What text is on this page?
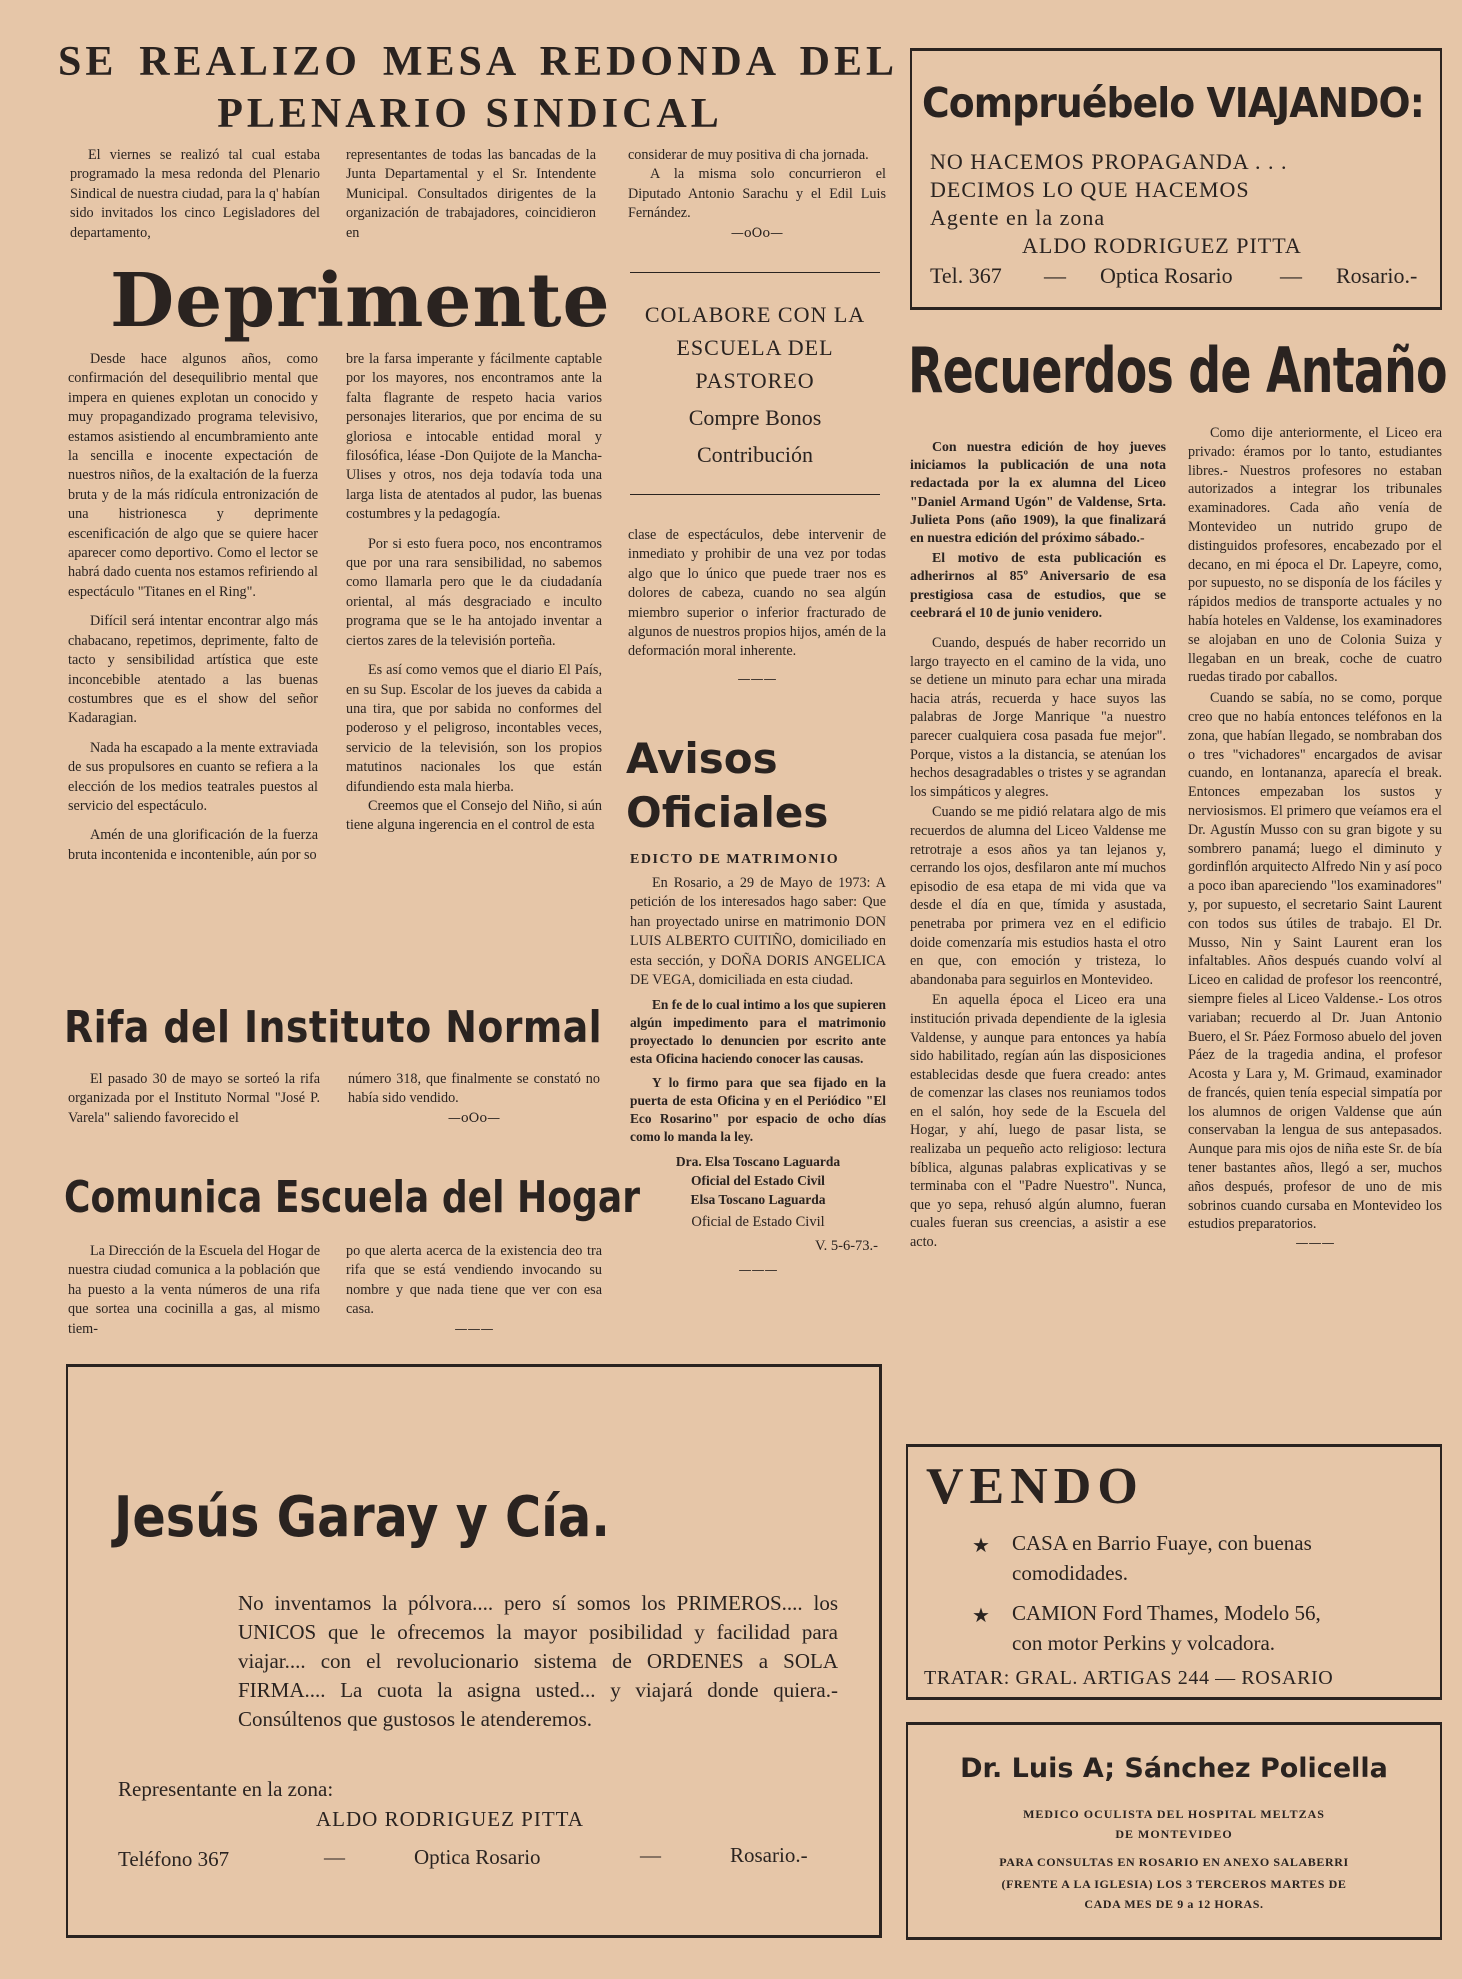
SE REALIZO MESA REDONDA DEL
PLENARIO SINDICAL

El viernes se realizó tal cual estaba programado la mesa redonda del Plenario Sindical de nuestra ciudad, para la q' habían sido invitados los cinco Legisladores del departamento,

representantes de todas las bancadas de la Junta Departamental y el Sr. Intendente Municipal. Consultados dirigentes de la organización de trabajadores, coincidieron en

considerar de muy positiva di cha jornada.

A la misma solo concurrieron el Diputado Antonio Sarachu y el Edil Luis Fernández.

—oOo—
Compruébelo VIAJANDO:
NO HACEMOS PROPAGANDA . . .
DECIMOS LO QUE HACEMOS
Agente en la zona
ALDO RODRIGUEZ PITTA
Tel. 367 — Optica Rosario — Rosario.-
Deprimente

Desde hace algunos años, como confirmación del desequilibrio mental que impera en quienes explotan un conocido y muy propagandizado programa televisivo, estamos asistiendo al encumbramiento ante la sencilla e inocente expectación de nuestros niños, de la exaltación de la fuerza bruta y de la más ridícula entronización de una histrionesca y deprimente escenificación de algo que se quiere hacer aparecer como deportivo. Como el lector se habrá dado cuenta nos estamos refiriendo al espectáculo "Titanes en el Ring".

Difícil será intentar encontrar algo más chabacano, repetimos, deprimente, falto de tacto y sensibilidad artística que este inconcebible atentado a las buenas costumbres que es el show del señor Kadaragian.

Nada ha escapado a la mente extraviada de sus propulsores en cuanto se refiera a la elección de los medios teatrales puestos al servicio del espectáculo.

Amén de una glorificación de la fuerza bruta incontenida e incontenible, aún por so

bre la farsa imperante y fácilmente captable por los mayores, nos encontramos ante la falta flagrante de respeto hacia varios personajes literarios, que por encima de su gloriosa e intocable entidad moral y filosófica, léase -Don Quijote de la Mancha- Ulises y otros, nos deja todavía toda una larga lista de atentados al pudor, las buenas costumbres y la pedagogía.

Por si esto fuera poco, nos encontramos que por una rara sensibilidad, no sabemos como llamarla pero que le da ciudadanía oriental, al más desgraciado e inculto programa que se le ha antojado inventar a ciertos zares de la televisión porteña.

Es así como vemos que el diario El País, en su Sup. Escolar de los jueves da cabida a una tira, que por sabida no conformes del poderoso y el peligroso, incontables veces, servicio de la televisión, son los propios matutinos nacionales los que están difundiendo esta mala hierba.

Creemos que el Consejo del Niño, si aún tiene alguna ingerencia en el control de esta

COLABORE CON LA
ESCUELA DEL
PASTOREO
Compre Bonos
Contribución

clase de espectáculos, debe intervenir de inmediato y prohibir de una vez por todas algo que lo único que puede traer nos es dolores de cabeza, cuando no sea algún miembro superior o inferior fracturado de algunos de nuestros propios hijos, amén de la deformación moral inherente.

———
Avisos
Oficiales
EDICTO DE MATRIMONIO

En Rosario, a 29 de Mayo de 1973: A petición de los interesados hago saber: Que han proyectado unirse en matrimonio DON LUIS ALBERTO CUITIÑO, domiciliado en esta sección, y DOÑA DORIS ANGELICA DE VEGA, domiciliada en esta ciudad.

En fe de lo cual intimo a los que supieren algún impedimento para el matrimonio proyectado lo denuncien por escrito ante esta Oficina haciendo conocer las causas.

Y lo firmo para que sea fijado en la puerta de esta Oficina y en el Periódico "El Eco Rosarino" por espacio de ocho días como lo manda la ley.

Dra. Elsa Toscano Laguarda
Oficial del Estado Civil
Elsa Toscano Laguarda
Oficial de Estado Civil
V. 5-6-73.-
———
Rifa del Instituto Normal

El pasado 30 de mayo se sorteó la rifa organizada por el Instituto Normal "José P. Varela" saliendo favorecido el

número 318, que finalmente se constató no había sido vendido.

—oOo—
Comunica Escuela del Hogar

La Dirección de la Escuela del Hogar de nuestra ciudad comunica a la población que ha puesto a la venta números de una rifa que sortea una cocinilla a gas, al mismo tiem-

po que alerta acerca de la existencia deo tra rifa que se está vendiendo invocando su nombre y que nada tiene que ver con esa casa.

———
Jesús Garay y Cía.
No inventamos la pólvora.... pero sí somos los PRIMEROS.... los UNICOS que le ofrecemos la mayor posibilidad y facilidad para viajar.... con el revolucionario sistema de ORDENES a SOLA FIRMA.... La cuota la asigna usted... y viajará donde quiera.- Consúltenos que gustosos le atenderemos.
Representante en la zona:
ALDO RODRIGUEZ PITTA
Teléfono 367	—	Optica Rosario	—	Rosario.-
Recuerdos de Antaño

Con nuestra edición de hoy jueves iniciamos la publicación de una nota redactada por la ex alumna del Liceo "Daniel Armand Ugón" de Valdense, Srta. Julieta Pons (año 1909), la que finalizará en nuestra edición del próximo sábado.-

El motivo de esta publicación es adherirnos al 85º Aniversario de esa prestigiosa casa de estudios, que se ceebrará el 10 de junio venidero.

Cuando, después de haber recorrido un largo trayecto en el camino de la vida, uno se detiene un minuto para echar una mirada hacia atrás, recuerda y hace suyos las palabras de Jorge Manrique "a nuestro parecer cualquiera cosa pasada fue mejor". Porque, vistos a la distancia, se atenúan los hechos desagradables o tristes y se agrandan los simpáticos y alegres.

Cuando se me pidió relatara algo de mis recuerdos de alumna del Liceo Valdense me retrotraje a esos años ya tan lejanos y, cerrando los ojos, desfilaron ante mí muchos episodio de esa etapa de mi vida que va desde el día en que, tímida y asustada, penetraba por primera vez en el edificio doide comenzaría mis estudios hasta el otro en que, con emoción y tristeza, lo abandonaba para seguirlos en Montevideo.

En aquella época el Liceo era una institución privada dependiente de la iglesia Valdense, y aunque para entonces ya había sido habilitado, regían aún las disposiciones establecidas desde que fuera creado: antes de comenzar las clases nos reuniamos todos en el salón, hoy sede de la Escuela del Hogar, y ahí, luego de pasar lista, se realizaba un pequeño acto religioso: lectura bíblica, algunas palabras explicativas y se terminaba con el "Padre Nuestro". Nunca, que yo sepa, rehusó algún alumno, fueran cuales fueran sus creencias, a asistir a ese acto.

Como dije anteriormente, el Liceo era privado: éramos por lo tanto, estudiantes libres.- Nuestros profesores no estaban autorizados a integrar los tribunales examinadores. Cada año venía de Montevideo un nutrido grupo de distinguidos profesores, encabezado por el decano, en mi época el Dr. Lapeyre, como, por supuesto, no se disponía de los fáciles y rápidos medios de transporte actuales y no había hoteles en Valdense, los examinadores se alojaban en uno de Colonia Suiza y llegaban en un break, coche de cuatro ruedas tirado por caballos.

Cuando se sabía, no se como, porque creo que no había entonces teléfonos en la zona, que habían llegado, se nombraban dos o tres "vichadores" encargados de avisar cuando, en lontananza, aparecía el break. Entonces empezaban los sustos y nerviosismos. El primero que veíamos era el Dr. Agustín Musso con su gran bigote y su sombrero panamá; luego el diminuto y gordinflón arquitecto Alfredo Nin y así poco a poco iban apareciendo "los examinadores" y, por supuesto, el secretario Saint Laurent con todos sus útiles de trabajo. El Dr. Musso, Nin y Saint Laurent eran los infaltables. Años después cuando volví al Liceo en calidad de profesor los reencontré, siempre fieles al Liceo Valdense.- Los otros variaban; recuerdo al Dr. Juan Antonio Buero, el Sr. Páez Formoso abuelo del joven Páez de la tragedia andina, el profesor Acosta y Lara y, M. Grimaud, examinador de francés, quien tenía especial simpatía por los alumnos de origen Valdense que aún conservaban la lengua de sus antepasados. Aunque para mis ojos de niña este Sr. de bía tener bastantes años, llegó a ser, muchos años después, profesor de uno de mis sobrinos cuando cursaba en Montevideo los estudios preparatorios.

———
VENDO
★ CASA en Barrio Fuaye, con buenas
comodidades.
★ CAMION Ford Thames, Modelo 56,
con motor Perkins y volcadora.
TRATAR: GRAL. ARTIGAS 244 — ROSARIO
Dr. Luis A; Sánchez Policella
MEDICO OCULISTA DEL HOSPITAL MELTZAS
DE MONTEVIDEO
PARA CONSULTAS EN ROSARIO EN ANEXO SALABERRI
(FRENTE A LA IGLESIA) LOS 3 TERCEROS MARTES DE
CADA MES DE 9 a 12 HORAS.
